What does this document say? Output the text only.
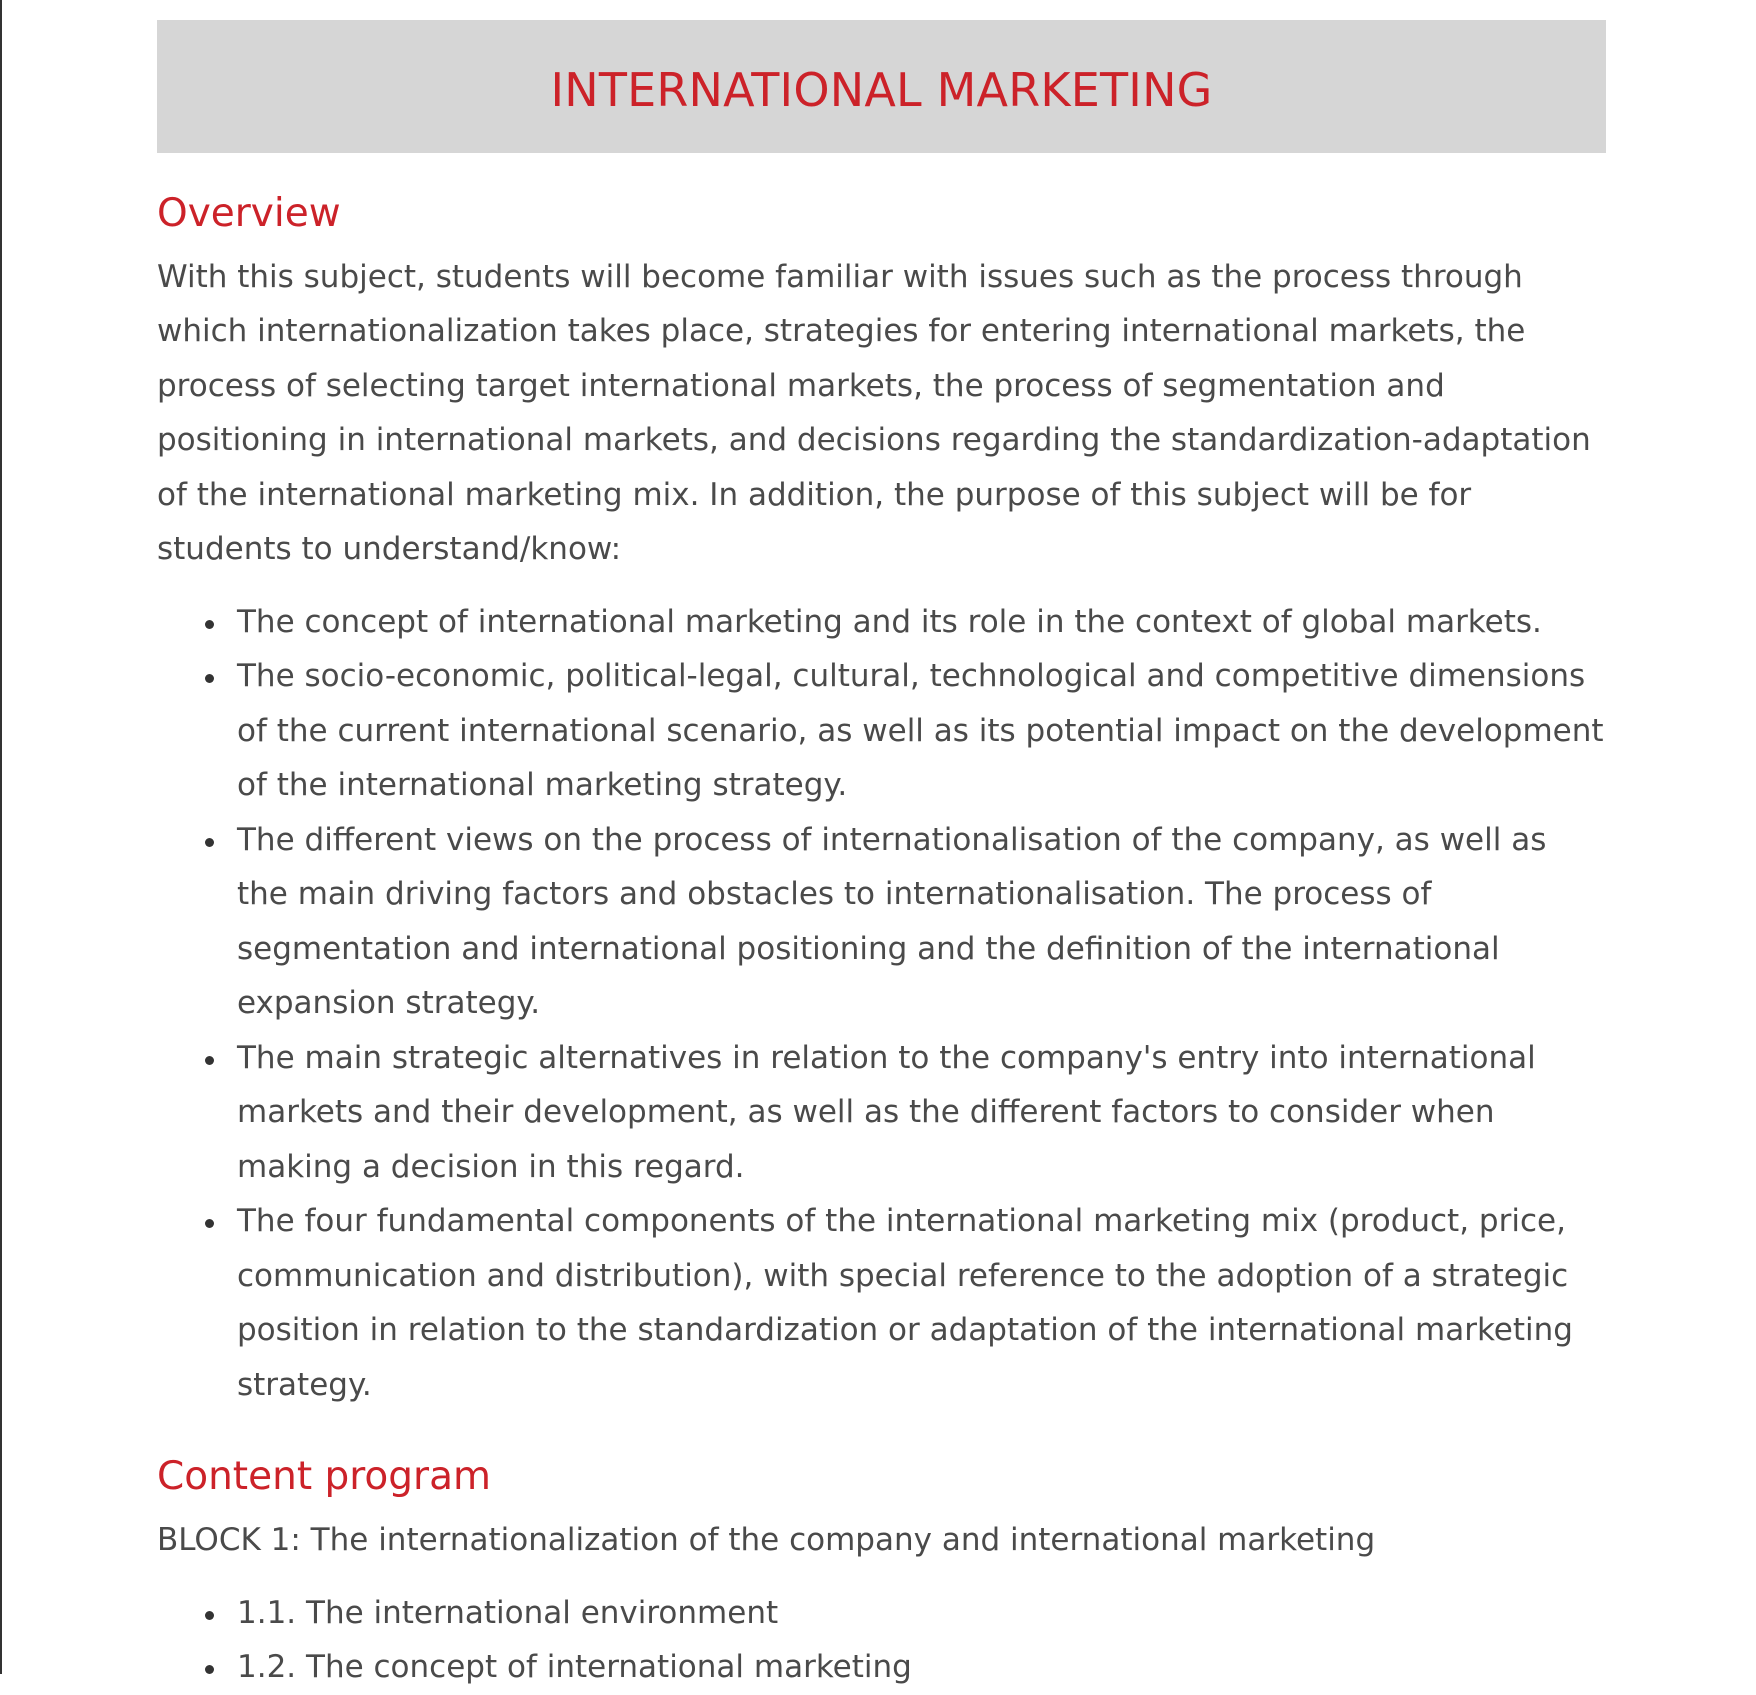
INTERNATIONAL MARKETING
Overview

With this subject, students will become familiar with issues such as the process through which internationalization takes place, strategies for entering international markets, the process of selecting target international markets, the process of segmentation and positioning in international markets, and decisions regarding the standardization-adaptation of the international marketing mix. In addition, the purpose of this subject will be for students to understand/know:

The concept of international marketing and its role in the context of global markets.
The socio-economic, political-legal, cultural, technological and competitive dimensions of the current international scenario, as well as its potential impact on the development of the international marketing strategy.
The different views on the process of internationalisation of the company, as well as the main driving factors and obstacles to internationalisation. The process of segmentation and international positioning and the definition of the international expansion strategy.
The main strategic alternatives in relation to the company's entry into international markets and their development, as well as the different factors to consider when making a decision in this regard.
The four fundamental components of the international marketing mix (product, price, communication and distribution), with special reference to the adoption of a strategic position in relation to the standardization or adaptation of the international marketing strategy.
Content program

BLOCK 1: The internationalization of the company and international marketing

1.1. The international environment
1.2. The concept of international marketing
